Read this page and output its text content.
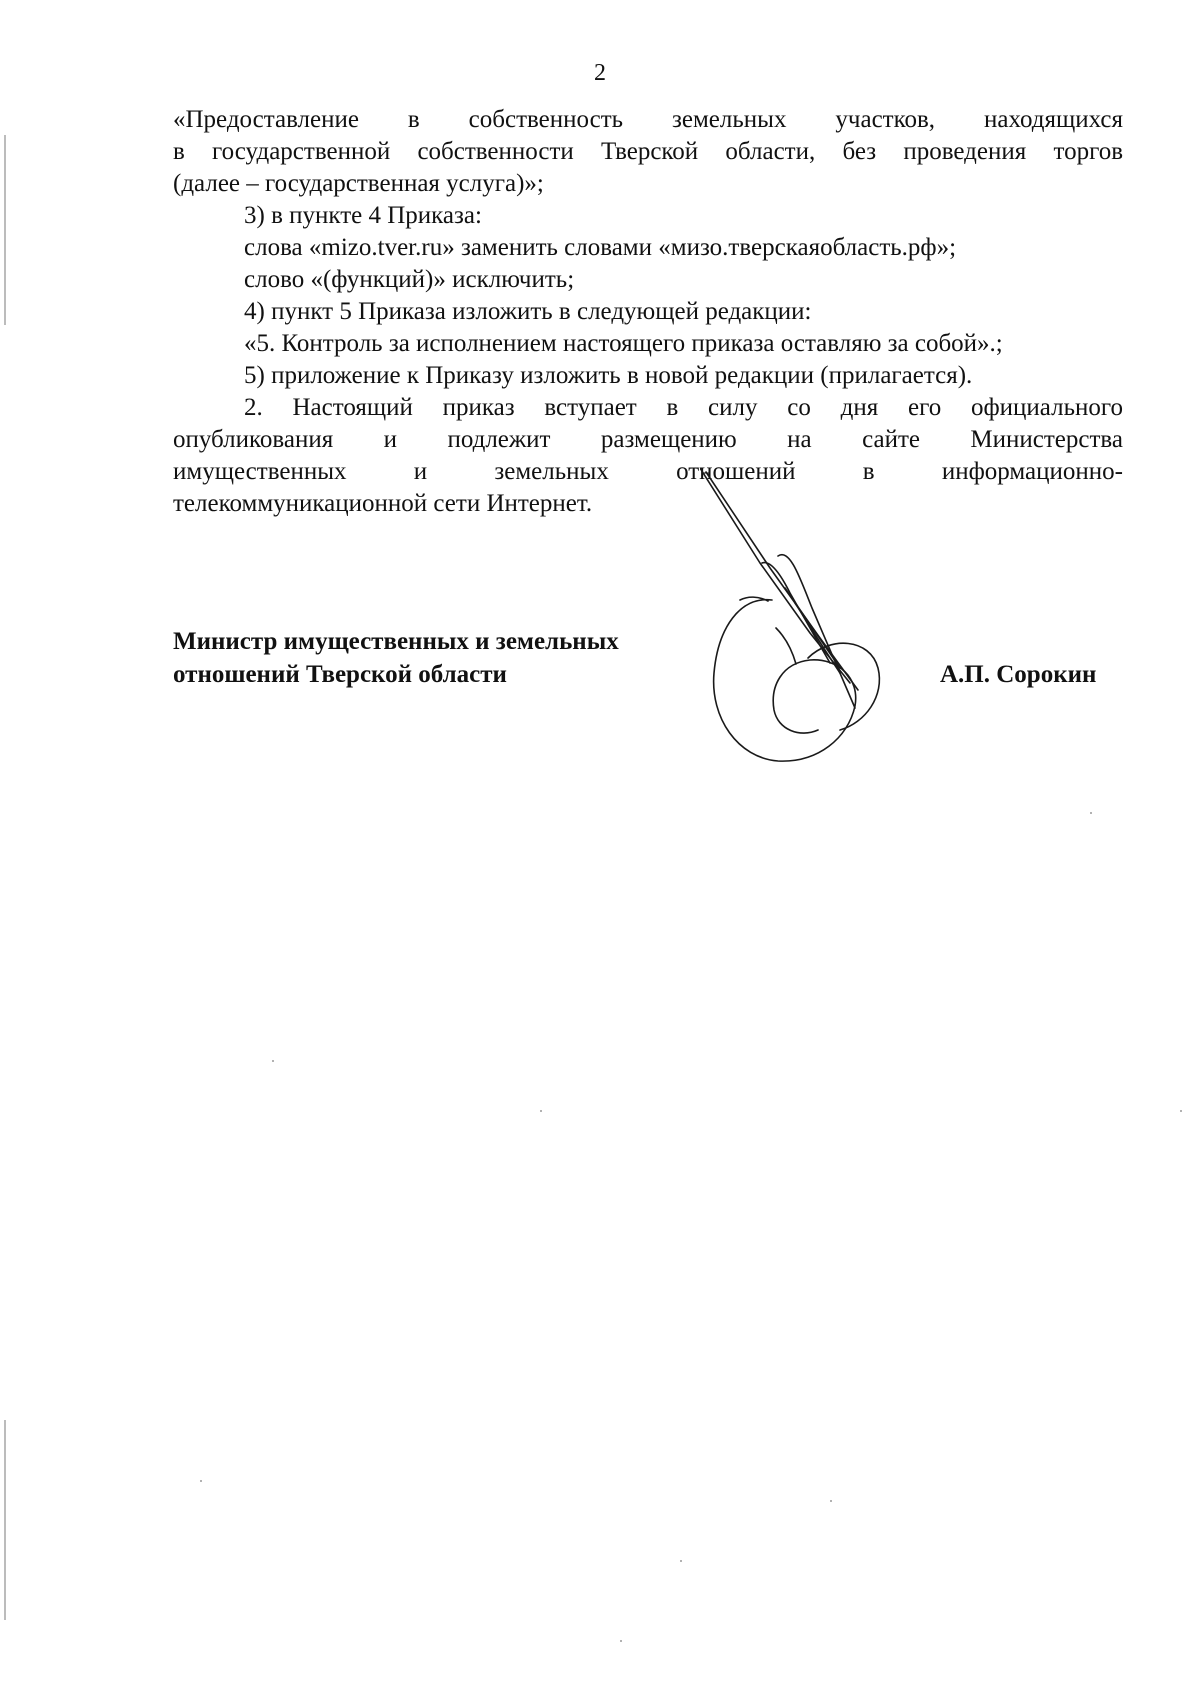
2
«Предоставление в собственность земельных участков, находящихся
в государственной собственности Тверской области, без проведения торгов
(далее – государственная услуга)»;
3) в пункте 4 Приказа:
слова «mizo.tver.ru» заменить словами «мизо.тверскаяобласть.рф»;
слово «(функций)» исключить;
4) пункт 5 Приказа изложить в следующей редакции:
«5. Контроль за исполнением настоящего приказа оставляю за собой».;
5) приложение к Приказу изложить в новой редакции (прилагается).
2. Настоящий приказ вступает в силу со дня его официального
опубликования и подлежит размещению на сайте Министерства
имущественных и земельных отношений в информационно-
телекоммуникационной сети Интернет.
Министр имущественных и земельных
отношений Тверской области	А.П. Сорокин
